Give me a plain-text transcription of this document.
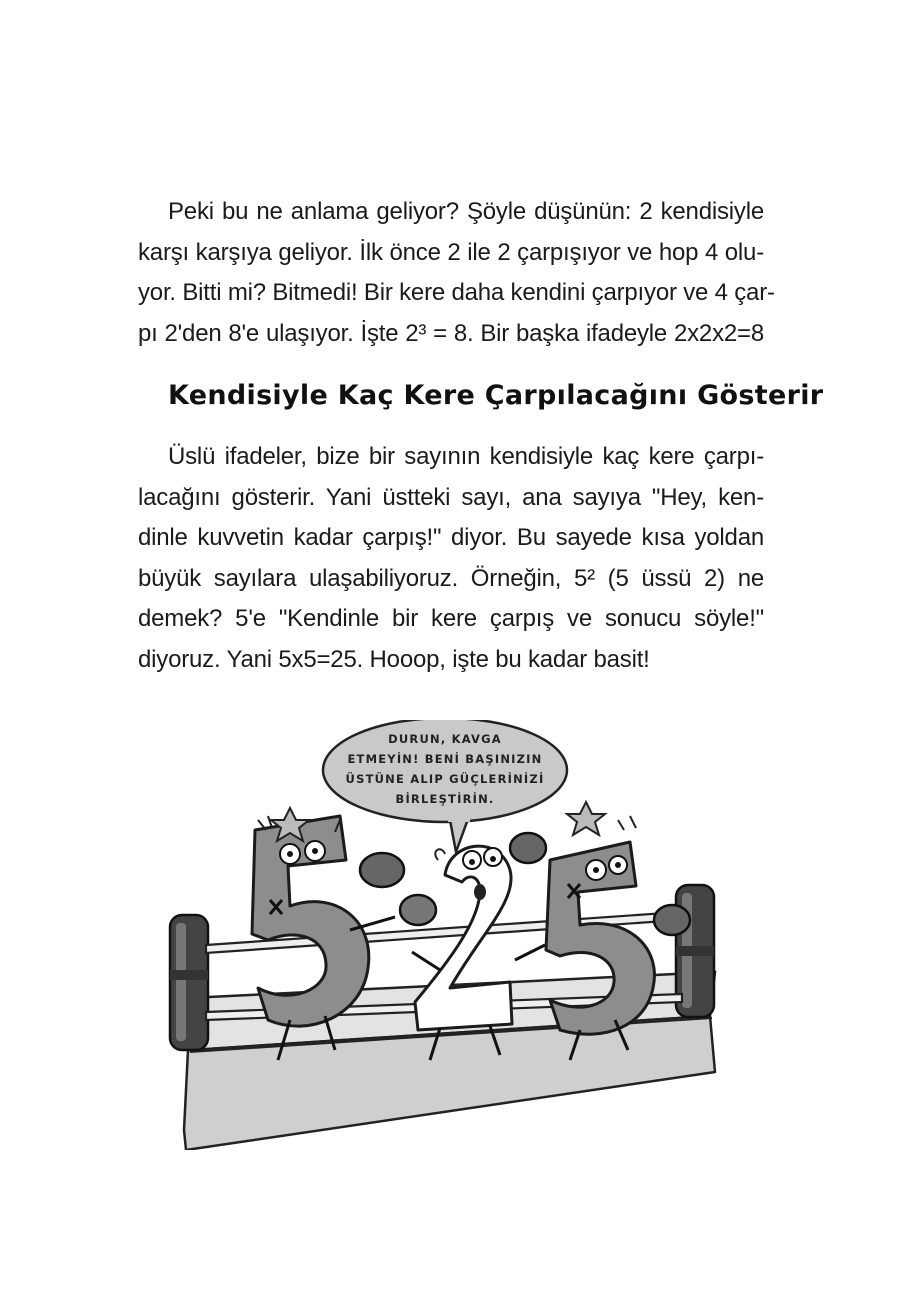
Peki bu ne anlama geliyor? Şöyle düşünün: 2 kendisiyle
karşı karşıya geliyor. İlk önce 2 ile 2 çarpışıyor ve hop 4 olu-
yor. Bitti mi? Bitmedi! Bir kere daha kendini çarpıyor ve 4 çar-
pı 2'den 8'e ulaşıyor. İşte 2³ = 8. Bir başka ifadeyle 2x2x2=8
Kendisiyle Kaç Kere Çarpılacağını Gösterir
Üslü ifadeler, bize bir sayının kendisiyle kaç kere çarpı-
lacağını gösterir. Yani üstteki sayı, ana sayıya "Hey, ken-
dinle kuvvetin kadar çarpış!" diyor. Bu sayede kısa yoldan
büyük sayılara ulaşabiliyoruz. Örneğin, 5² (5 üssü 2) ne
demek? 5'e "Kendinle bir kere çarpış ve sonucu söyle!"
diyoruz. Yani 5x5=25. Hooop, işte bu kadar basit!
DURUN, KAVGA
ETMEYİN! BENİ BAŞINIZIN
ÜSTÜNE ALIP GÜÇLERİNİZİ
BİRLEŞTİRİN.
